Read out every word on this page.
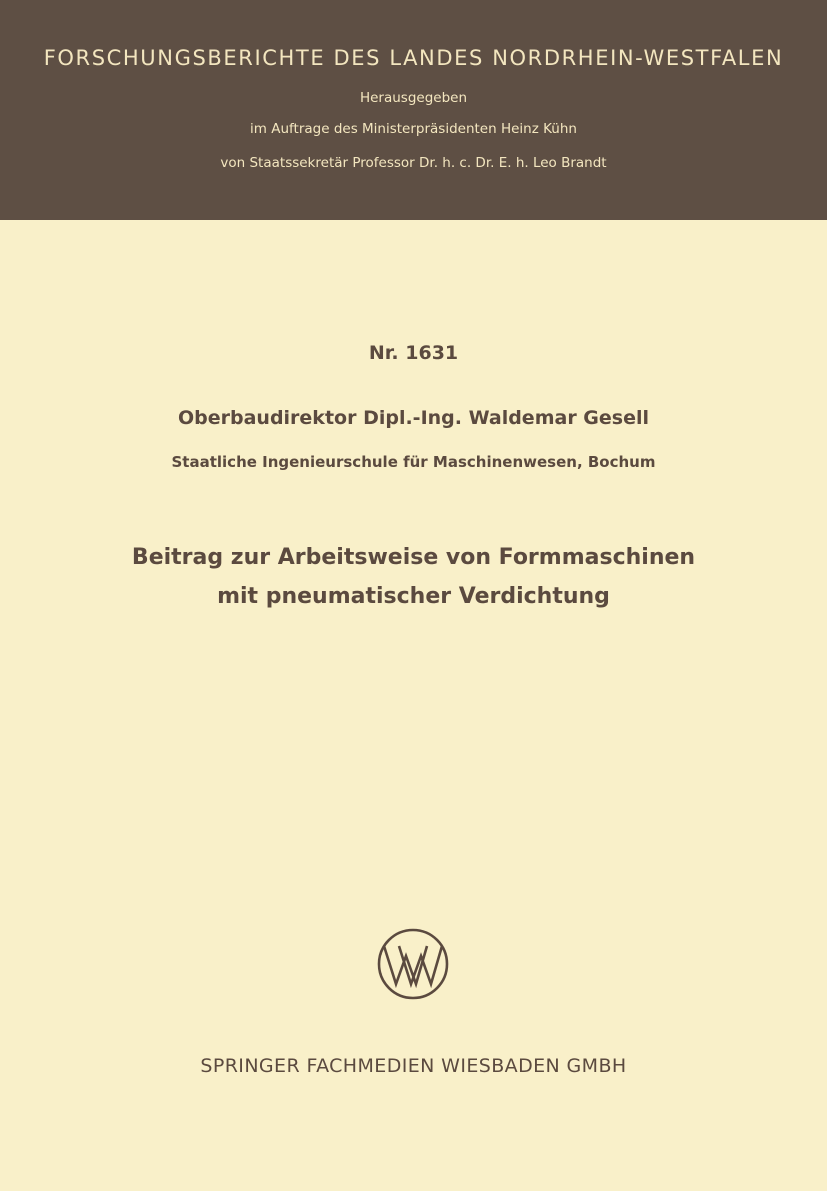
FORSCHUNGSBERICHTE DES LANDES NORDRHEIN-WESTFALEN
Herausgegeben
im Auftrage des Ministerpräsidenten Heinz Kühn
von Staatssekretär Professor Dr. h. c. Dr. E. h. Leo Brandt
Nr. 1631
Oberbaudirektor Dipl.-Ing. Waldemar Gesell
Staatliche Ingenieurschule für Maschinenwesen, Bochum
Beitrag zur Arbeitsweise von Formmaschinen
mit pneumatischer Verdichtung
SPRINGER FACHMEDIEN WIESBADEN GMBH
